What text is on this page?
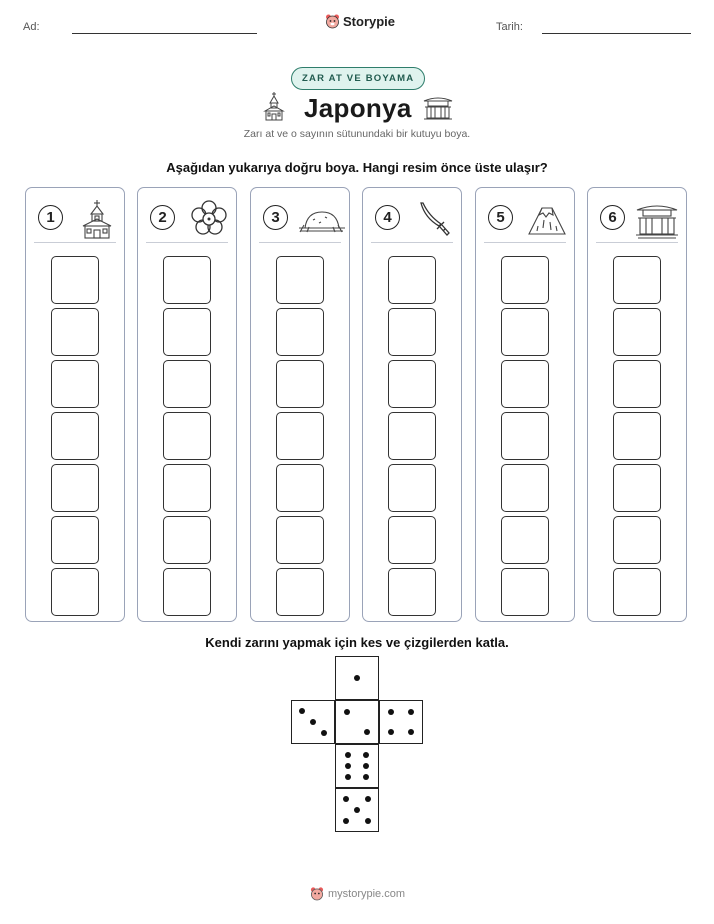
Ad:	Storypie	Tarih:
ZAR AT VE BOYAMA
Japonya
Zarı at ve o sayının sütunundaki bir kutuyu boya.
Aşağıdan yukarıya doğru boya. Hangi resim önce üste ulaşır?
1	2	3	4	5	6
Kendi zarını yapmak için kes ve çizgilerden katla.
mystorypie.com
